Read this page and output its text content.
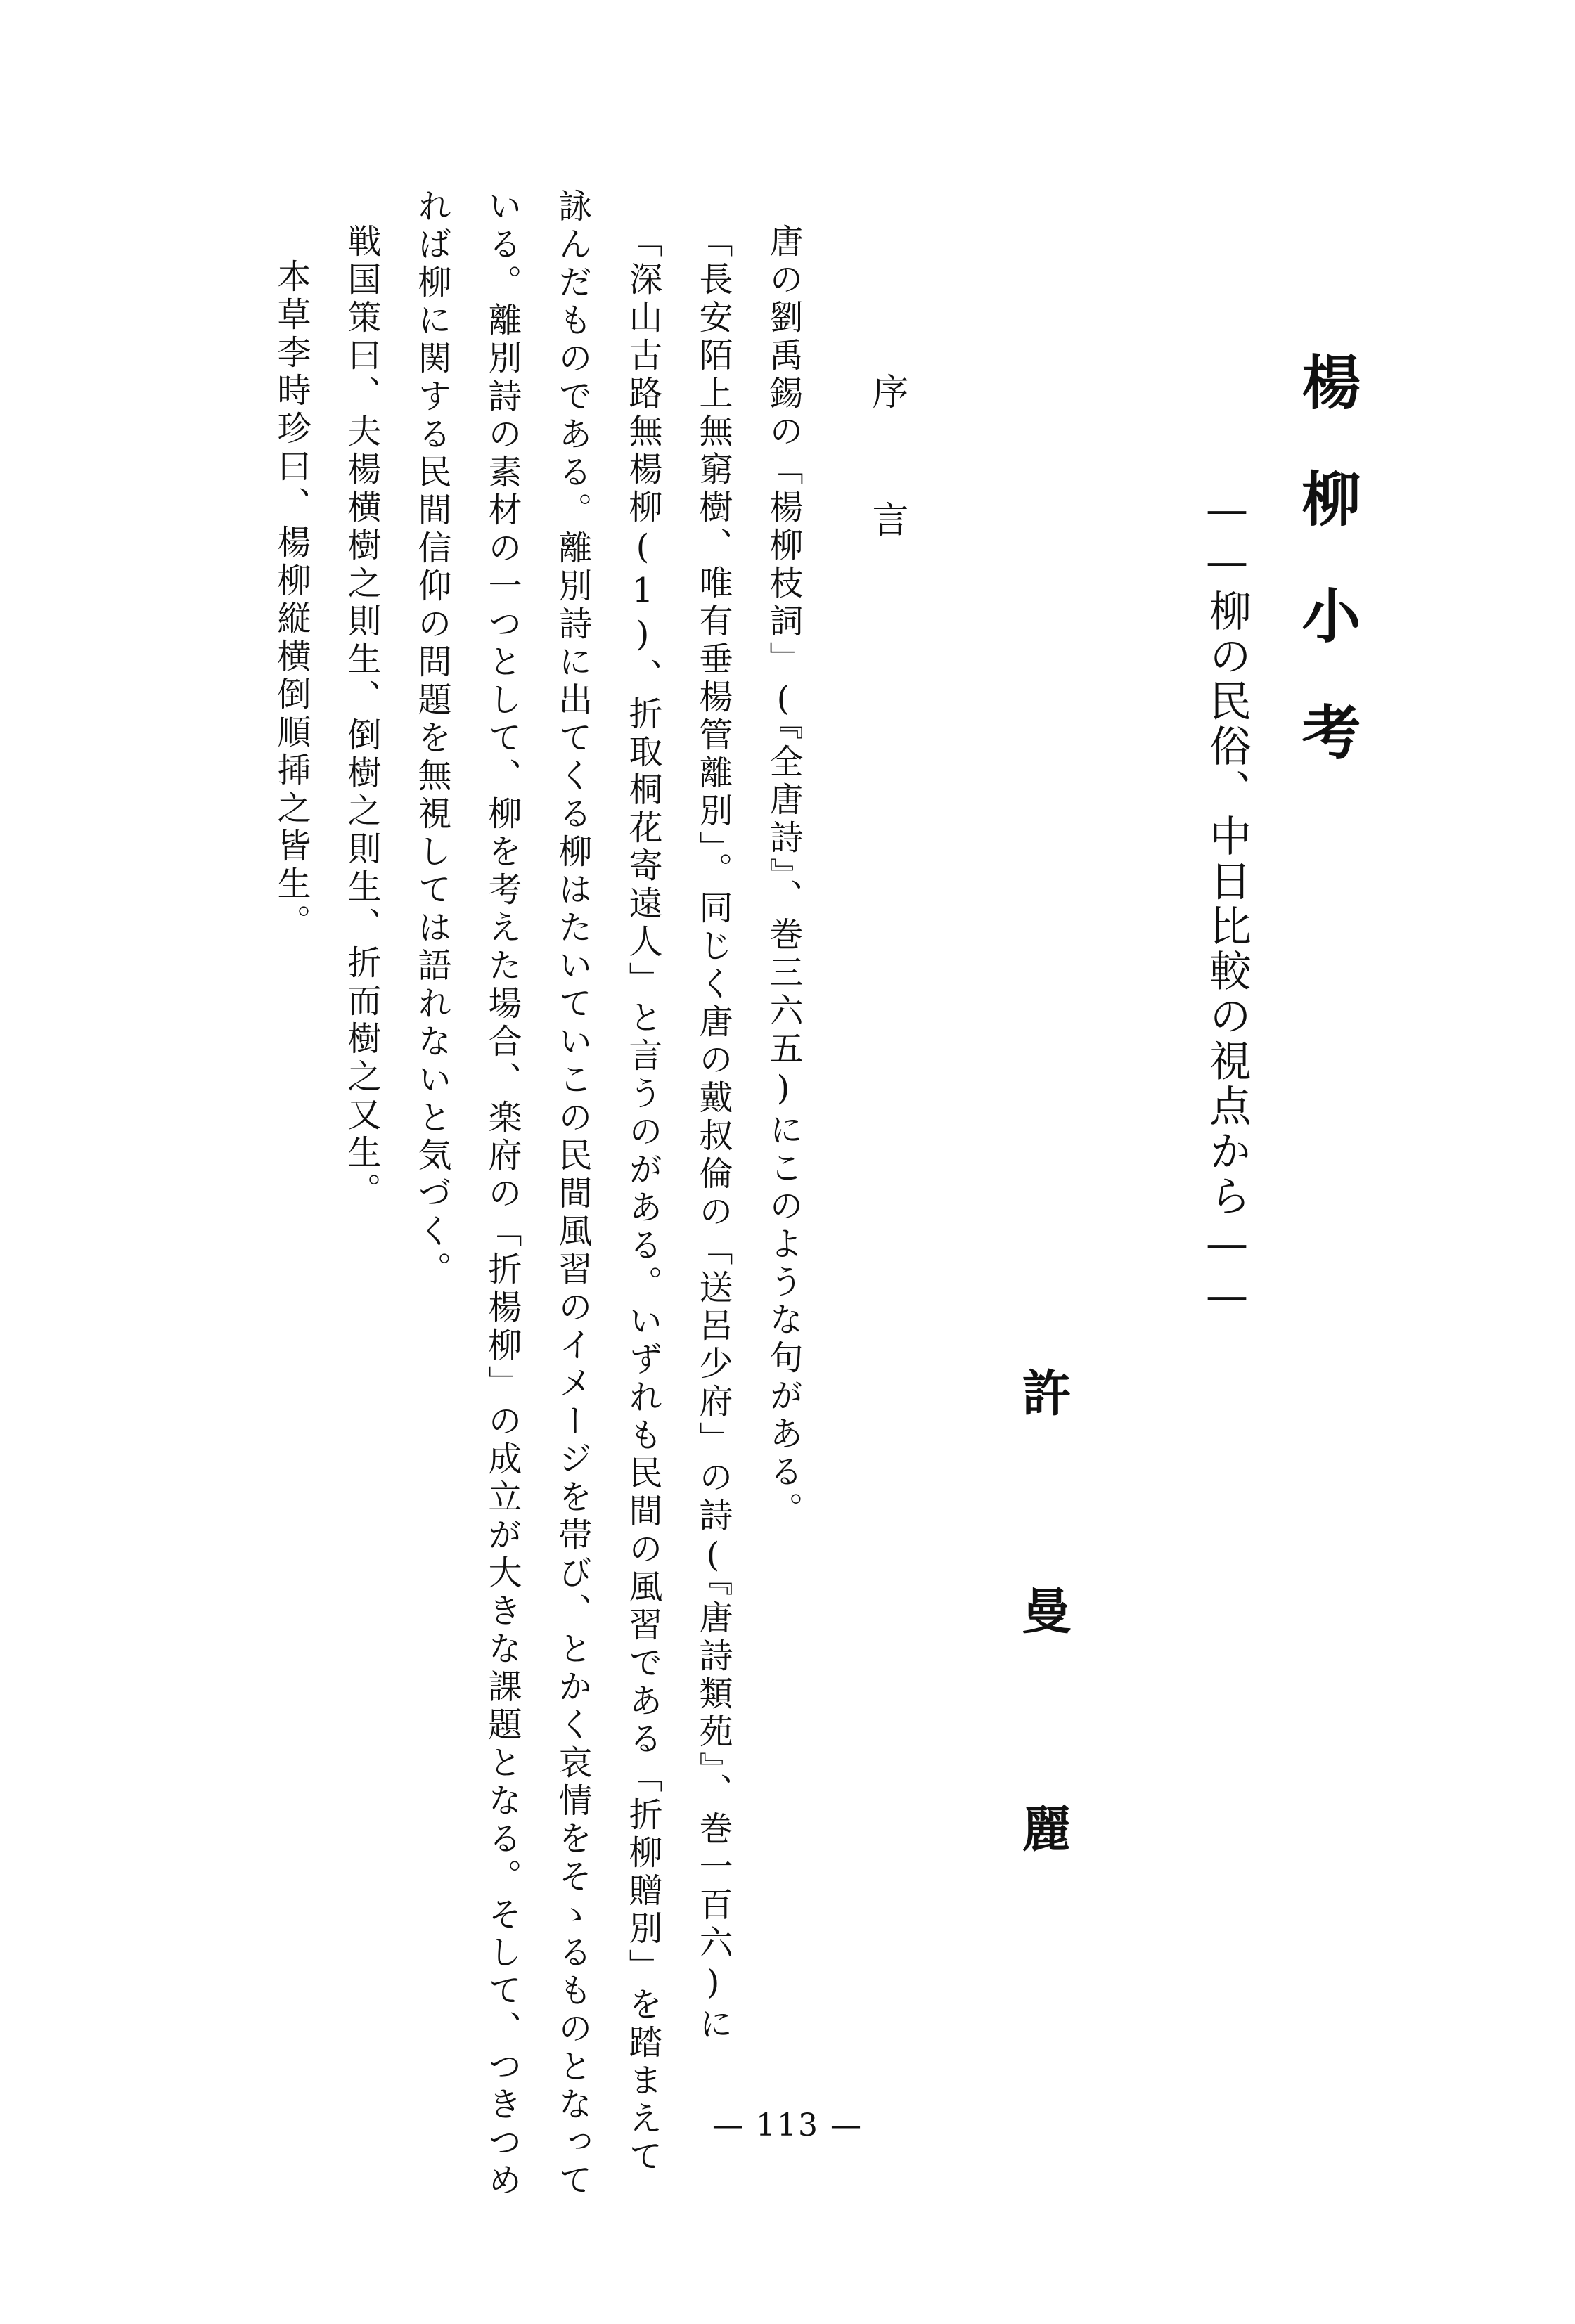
楊柳小考
——柳の民俗、中日比較の視点から——
許曼麗
序言
唐の劉禹錫の「楊柳枝詞」(『全唐詩』、巻三六五)にこのような句がある。
「長安陌上無窮樹、唯有垂楊管離別」。同じく唐の戴叔倫の「送呂少府」の詩(『唐詩類苑』、巻一百六)に
「深山古路無楊柳(1)、折取桐花寄遠人」と言うのがある。いずれも民間の風習である「折柳贈別」を踏まえて
詠んだものである。離別詩に出てくる柳はたいていこの民間風習のイメージを帯び、とかく哀情をそゝるものとなって
いる。離別詩の素材の一つとして、柳を考えた場合、楽府の「折楊柳」の成立が大きな課題となる。そして、つきつめ
れば柳に関する民間信仰の問題を無視しては語れないと気づく。
戦国策曰、夫楊横樹之則生、倒樹之則生、折而樹之又生。
本草李時珍曰、楊柳縦横倒順揷之皆生。
— 113 —
